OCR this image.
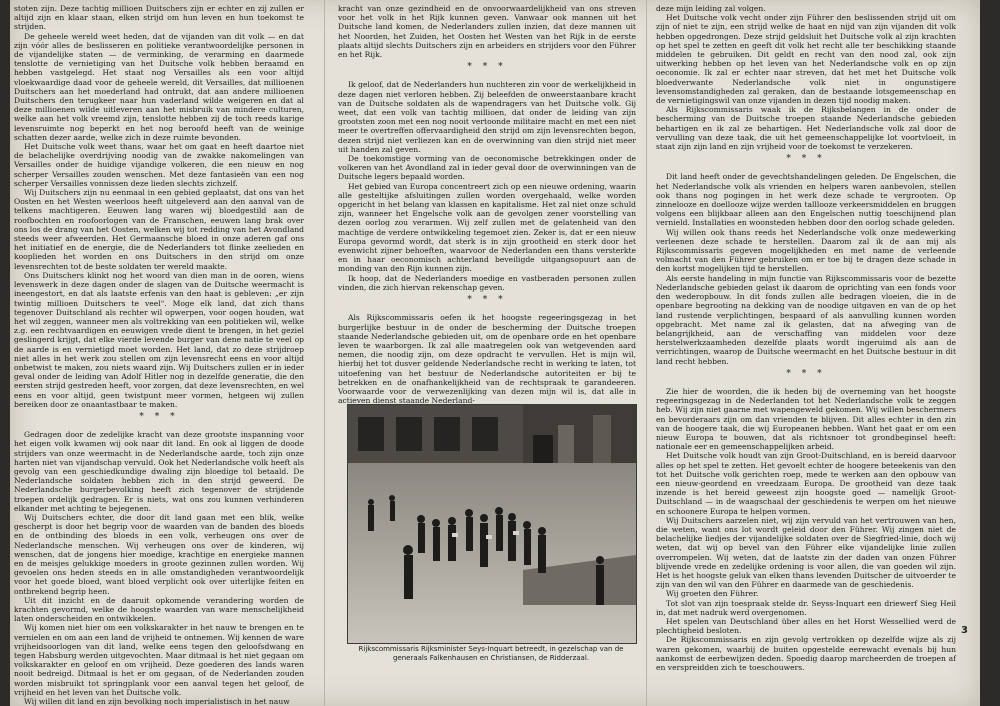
stoten zijn. Deze tachtig millioen Duitschers zijn er echter en zij zullen er altijd zijn en klaar staan, elken strijd om hun leven en hun toekomst te strijden.

De geheele wereld weet heden, dat de vijanden van dit volk — en dat zijn vóór alles de beslisseren en politieke verantwoordelijke personen in de vijandelijke staten — de verminking, de verarming en daarmede tenslotte de vernietiging van het Duitsche volk hebben beraamd en hebben vastgelegd. Het staat nog Versailles als een voor altijd vloekwaardige daad voor de geheele wereld, dit Versailles, dat millioenen Duitschers aan het moederland had ontrukt, dat aan andere millioenen Duitschers den terugkeer naar hun vaderland wilde weigeren en dat al deze millioenen wilde uitleveren aan het misbruik van mindere culturen, welke aan het volk vreemd zijn, tenslotte hebben zij de toch reeds karige levensruimte nog beperkt en het nog beroofd heeft van de weinige schatten dezer aarde, welke zich in deze ruimte bevonden.

Het Duitsche volk weet thans, waar het om gaat en heeft daartoe niet de belachelijke overdrijving noodig van de zwakke nakomelingen van Versailles onder de huidige vijandige volkeren, die een nieuw en nog scherper Versailles zouden wenschen. Met deze fantasieën van een nog scherper Versailles vonnissen deze lieden slechts zichzelf.

Wij Duitschers zijn nu eenmaal in een gebied geplaatst, dat ons van het Oosten en het Westen weerloos heeft uitgeleverd aan den aanval van de telkens machtigeren. Eeuwen lang waren wij bloedgestild aan de roofbochten en roofoorlogen van de Franschen, eeuwen lang brak over ons los de drang van het Oosten, welken wij tot redding van het Avondland steeds weer afweerden. Het Germaansche bloed in onze aderen gaf ons het initiatief en de energie, die de Nederlanders tot flinke zeelieden en kooplieden het worden en ons Duitschers in den strijd om onze levensrechten tot de beste soldaten ter wereld maakte.

Ons Duitschers klinkt nog het woord van dien man in de ooren, wiens levenswerk in deze dagen onder de slagen van de Duitsche weermacht is ineengestort, en dat als laatste erfenis van den haat is gebleven: „er zijn twintig millioen Duitschers te veel". Moge elk land, dat zich thans tegenover Duitschland als rechter wil opwerpen, voor oogen houden, wat het wil zeggen, wanneer men als voltrekking van een politieken wil, welke z.g. een rechtvaardigen en eeuwigen vrede dient te brengen, in het geziel geslingerd krijgt, dat elke vierde levende burger van dene natie te veel op de aarde is en vernietigd moet worden. Het land, dat zo deze strijdroep niet alles in het werk zou stellen om zijn levensrecht eens en voor altijd onbetwist te maken, zou niets waard zijn. Wij Duitschers zullen er in ieder geval onder de leiding van Adolf Hitler nog in dezelfde generatie, die den eersten strijd gestreden heeft, voor zorgen, dat deze levensrechten, en wel eens en voor altijd, geen twistpunt meer vormen, hetgeen wij zullen bereiken door ze onaantastbaar te maken.

* * *

Gedragen door de zedelijke kracht van deze grootste inspanning voor het eigen volk kwamen wij ook naar dit land. En ook al liggen de doode strijders van onze weermacht in de Nederlandsche aarde, toch zijn onze harten niet van vijandschap vervuld. Ook het Nederlandsche volk heeft als gevolg van een geschiedkundige dwaling zijn bloedige tol betaald. De Nederlandsche soldaten hebben zich in den strijd geweerd. De Nederlandsche burgerbevolking heeft zich tegenover de strijdende troepen ordelijk gedragen. Er is niets, wat ons zou kunnen verhinderen elkander met achting te bejegenen.

Wij Duitschers echter, die door dit land gaan met een blik, welke gescherpt is door het begrip voor de waarden van de banden des bloeds en de ontbinding des bloeds in een volk, verheugen ons over de Nederlandsche menschen. Wij verheugen ons over de kinderen, wij wenschen, dat de jongens hier moedige, krachtige en energieke mannen en de meisjes gelukkige moeders in groote gezinnen zullen worden. Wij gevoelen ons heden steeds en in alle omstandigheden verantwoordelijk voor het goede bloed, want bloed verplicht ook over uiterlijke feiten en ontbrekend begrip heen.

Uit dit inzicht en de daaruit opkomende verandering worden de krachten gevormd, welke de hoogste waarden van ware menschelijkheid laten onderscheiden en ontwikkelen.

Wij komen niet hier om een volkskarakter in het nauw te brengen en te vernielen en om aan een land de vrijheid te ontnemen. Wij kennen de ware vrijheidsoorlogen van dit land, welke eens tegen den geloofsdwang en tegen Habsburg werden uitgevochten. Maar ditmaal is het niet gegaan om volkskarakter en geloof en om vrijheid. Deze goederen des lands waren nooit bedreigd. Ditmaal is het er om gegaan, of de Nederlanden zouden worden misbruikt tot springplank voor een aanval tegen het geloof, de vrijheid en het leven van het Duitsche volk.

Wij willen dit land en zijn bevolking noch imperialistisch in het nauw

kracht van onze gezindheid en de onvoorwaardelijkheid van ons streven voor het volk in het Rijk kunnen geven. Vanwaar ook mannen uit het Duitsche land komen, de Nederlanders zullen inzien, dat deze mannen uit het Noorden, het Zuiden, het Oosten het Westen van het Rijk in de eerste plaats altijd slechts Duitschers zijn en arbeiders en strijders voor den Führer en het Rijk.

* * *

Ik geloof, dat de Nederlanders hun nuchteren zin voor de werkelijkheid in deze dagen niet verloren hebben. Zij beleefden de onweerstaanbare kracht van de Duitsche soldaten als de wapendragers van het Duitsche volk. Gij weet, dat een volk van tachtig millioen, dat onder de leiding van zijn grootsten zoon met een nog nooit vertoonde militaire macht en met een niet meer te overtreffen offervaardigheid den strijd om zijn levensrechten begon, dezen strijd niet verliezen kan en de overwinning van dien strijd niet meer uit handen zal geven.

De toekomstige vorming van de oeconomische betrekkingen onder de volkeren van het Avondland zal in ieder geval door de overwinningen van de Duitsche legers bepaald worden.

Het gebied van Europa concentreert zich op een nieuwe ordening, waarin alle gesteltijke afsluitingen zullen worden overgehaald, welke worden opgericht in het belang van klassen en kapitalisme. Het zal niet onze schuld zijn, wanneer het Engelsche volk aan de gevolgen zener voorstelling van dezen oorlog zou verarmen. Wij zelf zullen met de gelatenheid van den machtige de verdere ontwikkeling tegemoet zien. Zeker is, dat er een nieuw Europa gevormd wordt, dat sterk is in zijn grootheid en sterk door het evenwicht zijner behoeften, waarvoor de Nederlanden een thans versterkte en in haar oeconomisch achterland beveiligde uitgangsopuurt aan de monding van den Rijn kunnen zijn.

Ik hoop, dat de Nederlanders moedige en vastberaden personen zullen vinden, die zich hiervan rekenschap geven.

* * *

Als Rijkscommissaris oefen ik het hoogste regeeringsgezag in het burgerlijke bestuur in de onder de bescherming der Duitsche troepen staande Nederlandsche gebieden uit, om de openbare orde en het openbare leven te waarborgen. Ik zal alle maatregelen ook van wetgevenden aard nemen, die noodig zijn, om deze opdracht te vervullen. Het is mijn wil, hierbij het tot dusver geldende Nederlandsche recht in werking te laten, tot uitoefening van het bestuur de Nederlandsche autoriteiten er bij te betrekken en de onafhankelijkheid van de rechtspraak te garandeeren. Voorwaarde voor de verwezenlijking van dezen mijn wil is, dat alle in actieven dienst staande Nederland-

Rijkscommissaris Rijksminister Seys-Inquart betreedt, in gezelschap van de generaals Falkenhausen en Christiansen, de Ridderzaal.

deze mijn leiding zal volgen.

Het Duitsche volk vecht onder zijn Führer den beslissenden strijd uit om zijn of niet te zijn, een strijd welke de haat en nijd van zijn vijanden dit volk hebben opgedrongen. Deze strijd geldsluit het Duitsche volk al zijn krachten op het spel te zetten en geeft dit volk het recht alle ter beschikking staande middelen te gebruiken. Dit geldt en recht van den nood zal, ook zijn uitwerking hebben op het leven van het Nederlandsche volk en op zijn oeconomie. Ik zal er echter naar streven, dat het met het Duitsche volk bloedverwante Nederlandsche volk niet in ongunstigere levensomstandigheden zal geraken, dan de bestaande lotsgemeenschap en de vernietigingswil van onze vijanden in dezen tijd noodig maken.

Als Rijkscommissaris waak ik de Rijksbelangen in de onder de bescherming van de Duitsche troepen staande Nederlandsche gebieden behartigen en ik zal ze behartigen. Het Nederlandsche volk zal door de vervulling van deze taak, die uit het gemeenschappelijke lot voortvloeit, in staat zijn zijn land en zijn vrijheid voor de toekomst te verzekeren.

* * *

Dit land heeft onder de gevechtshandelingen geleden. De Engelschen, die het Nederlandsche volk als vrienden en helpers waren aanbevolen, stellen ook thans nog pogingen in het werk deze schade te vergrooten. Op zinnelooze en doellooze wijze werden talllooze verkeersmiddelen en bruggen volgens een blijkbaar alleen aan den Engelschen nuttig toeschijnend plan vernield. Installaties en woonsteden hebben door den oorlog schade geleden.

Wij willen ook thans reeds het Nederlandsche volk onze medewerking verleenen deze schade te herstellen. Daarom zal ik de aan mij als Rijkscommissaris gegeven mogelijkheden en met name de verleende volmacht van den Führer gebruiken om er toe bij te dragen deze schade in den kortst mogelijken tijd te herstellen.

Als eerste handeling in mijn functie van Rijkscommissaris voor de bezette Nederlandsche gebieden gelast ik daarom de oprichting van een fonds voor den wederopbouw. In dit fonds zullen alle bedragen vloeien, die in de openbare begrooting na dekking van de noodige uitgaven en van de op het land rustende verplichtingen, bespaard of als aanvulling kunnen worden opgebracht. Met name zal ik gelasten, dat na afweging van de belangrijkheid, aan de verschaffing van middelen voor deze herstelwerkzaamheden dezelfde plaats wordt ingeruimd als aan de verrichtingen, waarop de Duitsche weermacht en het Duitsche bestuur in dit land recht hebben.

* * *

Zie hier de woorden, die ik heden bij de overneming van het hoogste regeeringsgezag in de Nederlanden tot het Nederlandsche volk te zeggen heb. Wij zijn niet gaarne met wapengeweld gekomen. Wij willen beschermers en bevorderaars zijn om dan vrienden te blijven. Dit alles echter in den zin van de hoogere taak, die wij Europeanen hebben. Want het gaat er om een nieuw Europa te bouwen, dat als richtsnoer tot grondbeginsel heeft: nationale eer en gemeenschappelijken arbeid.

Het Duitsche volk houdt van zijn Groot-Duitschland, en is bereid daarvoor alles op het spel te zetten. Het gevoelt echter de hoogere beteekenis van den tot het Duitsche volk gerichten roep, mede te werken aan den opbouw van een nieuw-geordend en vreedzaam Europa. De grootheid van deze taak inzende is het bereid geweest zijn hoogste goed — namelijk Groot-Duitschland — in de waagschaal der geschiedenis te werpen om het nieuwe en schoonere Europa te helpen vormen.

Wij Duitschers aarzelen niet, wij zijn vervuld van het vertrouwen van hen, die weten, want ons lot wordt geleid door den Führer. Wij zingen niet de belachelijke liedjes der vijandelijke soldaten over de Siegfried-linie, doch wij weten, dat wij op bevel van den Führer elke vijandelijke linie zullen overrompelen. Wij weten, dat de laatste zin der daden van onzen Führer blijvende vrede en zedelijke ordening is voor allen, die van goeden wil zijn. Het is het hoogste geluk van elken thans levenden Duitscher de uitvoerder te zijn van den wil van den Führer en daarmede van de geschiedenis.

Wij groeten den Führer.

Tot slot van zijn toespraak stelde dr. Seyss-Inquart een driewerf Sieg Heil in, dat met nadruk werd overgenomen.

Het spelen van Deutschland über alles en het Horst Wessellied werd de plechtigheid besloten.

De Rijkscommissaris en zijn gevolg vertrokken op dezelfde wijze als zij waren gekomen, waarbij de buiten opgestelde eerewacht evenals bij hun aankomst de eerbewijzen deden. Spoedig daarop marcheerden de troepen af en verspreidden zich te toeschouwers.

3
